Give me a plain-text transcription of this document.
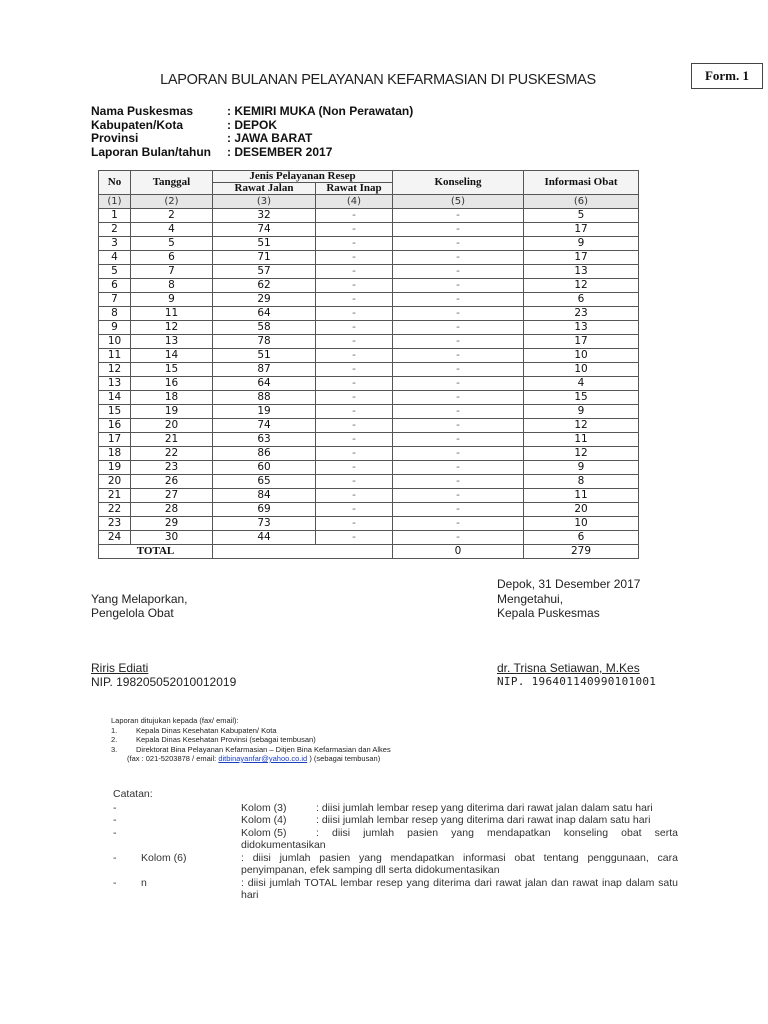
LAPORAN BULANAN PELAYANAN KEFARMASIAN DI PUSKESMAS	Form. 1
Nama Puskesmas	: KEMIRI MUKA (Non Perawatan)
Kabupaten/Kota	: DEPOK
Provinsi	: JAWA BARAT
Laporan Bulan/tahun	: DESEMBER 2017
No	Tanggal	Jenis Pelayanan Resep		Konseling	Informasi Obat
		Rawat Jalan	Rawat Inap		
(1)	(2)	(3)	(4)	(5)	(6)
1	2	32	-	-	5
2	4	74	-	-	17
3	5	51	-	-	9
4	6	71	-	-	17
5	7	57	-	-	13
6	8	62	-	-	12
7	9	29	-	-	6
8	11	64	-	-	23
9	12	58	-	-	13
10	13	78	-	-	17
11	14	51	-	-	10
12	15	87	-	-	10
13	16	64	-	-	4
14	18	88	-	-	15
15	19	19	-	-	9
16	20	74	-	-	12
17	21	63	-	-	11
18	22	86	-	-	12
19	23	60	-	-	9
20	26	65	-	-	8
21	27	84	-	-	11
22	28	69	-	-	20
23	29	73	-	-	10
24	30	44	-	-	6
TOTAL				0	279
Depok, 31 Desember 2017
Yang Melaporkan,
Pengelola Obat
Mengetahui,
Kepala Puskesmas
Riris Ediati
NIP. 198205052010012019
dr. Trisna Setiawan, M.Kes
NIP. 196401140990101001
Laporan ditujukan kepada (fax/ email):
1.	Kepala Dinas Kesehatan Kabupaten/ Kota
2.	Kepala Dinas Kesehatan Provinsi (sebagai tembusan)
3.	Direktorat Bina Pelayanan Kefarmasian – Ditjen Bina Kefarmasian dan Alkes
(fax : 021-5203878 / email: ditbinayanfar@yahoo.co.id ) (sebagai tembusan)
Catatan:
-	Kolom (3)	: diisi jumlah lembar resep yang diterima dari rawat jalan dalam satu hari
-	Kolom (4)	: diisi jumlah lembar resep yang diterima dari rawat inap dalam satu hari
-	Kolom (5)	: diisi jumlah pasien yang mendapatkan konseling obat serta didokumentasikan
-	Kolom (6)	: diisi jumlah pasien yang mendapatkan informasi obat tentang penggunaan, cara penyimpanan, efek samping dll serta didokumentasikan
-	n	: diisi jumlah TOTAL lembar resep yang diterima dari rawat jalan dan rawat inap dalam satu hari
